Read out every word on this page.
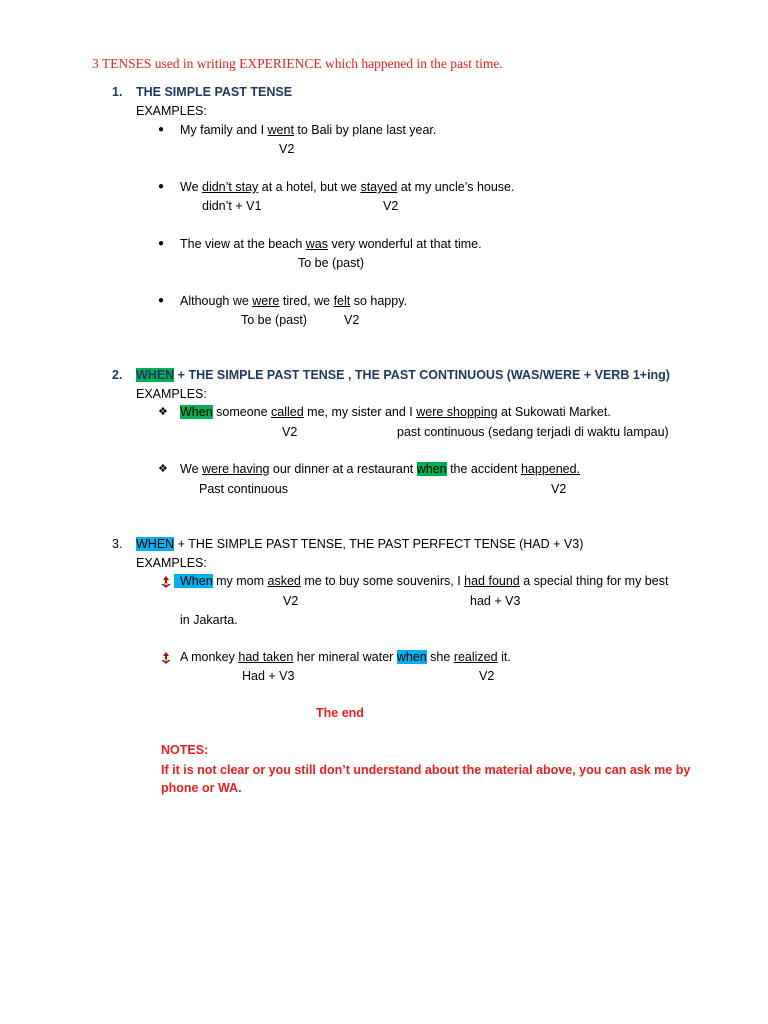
3 TENSES used in writing EXPERIENCE which happened in the past time.
1. THE SIMPLE PAST TENSE
EXAMPLES:
● My family and I went to Bali by plane last year.
V2
● We didn’t stay at a hotel, but we stayed at my uncle’s house.
didn’t + V1	V2
● The view at the beach was very wonderful at that time.
To be (past)
● Although we were tired, we felt so happy.
To be (past)	V2
2. WHEN + THE SIMPLE PAST TENSE , THE PAST CONTINUOUS (WAS/WERE + VERB 1+ing)
EXAMPLES:
❖ When someone called me, my sister and I were shopping at Sukowati Market.
V2	past continuous (sedang terjadi di waktu lampau)
❖ We were having our dinner at a restaurant when the accident happened.
Past continuous	V2
3. WHEN + THE SIMPLE PAST TENSE, THE PAST PERFECT TENSE (HAD + V3)
EXAMPLES:
When my mom asked me to buy some souvenirs, I had found a special thing for my best
V2	had + V3
in Jakarta.
A monkey had taken her mineral water when she realized it.
Had + V3	V2
The end
NOTES:
If it is not clear or you still don’t understand about the material above, you can ask me by
phone or WA.
